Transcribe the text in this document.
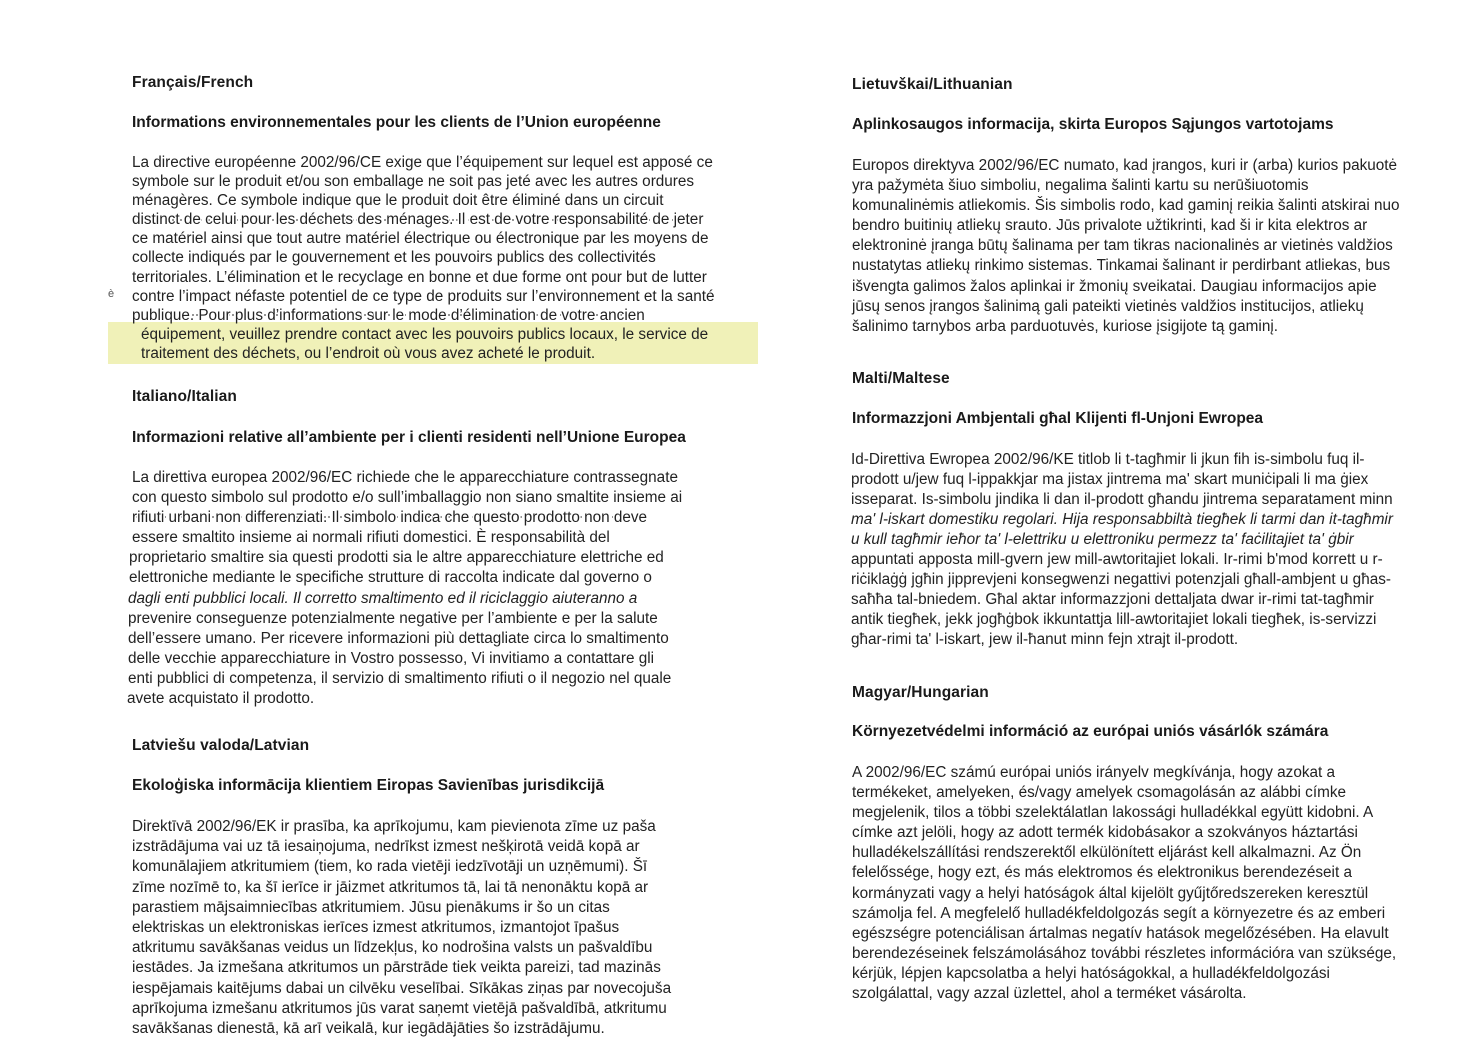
Français/French

Informations environnementales pour les clients de l’Union européenne

La directive européenne 2002/96/CE exige que l’équipement sur lequel est apposé ce
symbole sur le produit et/ou son emballage ne soit pas jeté avec les autres ordures
ménagères. Ce symbole indique que le produit doit être éliminé dans un circuit
distinct de celui pour les déchets des ménages. Il est de votre responsabilité de jeter
ce matériel ainsi que tout autre matériel électrique ou électronique par les moyens de
collecte indiqués par le gouvernement et les pouvoirs publics des collectivités
territoriales. L’élimination et le recyclage en bonne et due forme ont pour but de lutter
contre l’impact néfaste potentiel de ce type de produits sur l’environnement et la santé
publique. Pour plus d’informations sur le mode d’élimination de votre ancien
équipement, veuillez prendre contact avec les pouvoirs publics locaux, le service de
traitement des déchets, ou l’endroit où vous avez acheté le produit.
è

Italiano/Italian

Informazioni relative all’ambiente per i clienti residenti nell’Unione Europea

La direttiva europea 2002/96/EC richiede che le apparecchiature contrassegnate
con questo simbolo sul prodotto e/o sull’imballaggio non siano smaltite insieme ai
rifiuti urbani non differenziati. Il simbolo indica che questo prodotto non deve
essere smaltito insieme ai normali rifiuti domestici. È responsabilità del
proprietario smaltire sia questi prodotti sia le altre apparecchiature elettriche ed
elettroniche mediante le specifiche strutture di raccolta indicate dal governo o
dagli enti pubblici locali. Il corretto smaltimento ed il riciclaggio aiuteranno a
prevenire conseguenze potenzialmente negative per l’ambiente e per la salute
dell’essere umano. Per ricevere informazioni più dettagliate circa lo smaltimento
delle vecchie apparecchiature in Vostro possesso, Vi invitiamo a contattare gli
enti pubblici di competenza, il servizio di smaltimento rifiuti o il negozio nel quale
avete acquistato il prodotto.

Latviešu valoda/Latvian

Ekoloģiska informācija klientiem Eiropas Savienības jurisdikcijā

Direktīvā 2002/96/EK ir prasība, ka aprīkojumu, kam pievienota zīme uz paša
izstrādājuma vai uz tā iesaiņojuma, nedrīkst izmest nešķirotā veidā kopā ar
komunālajiem atkritumiem (tiem, ko rada vietēji iedzīvotāji un uzņēmumi). Šī
zīme nozīmē to, ka šī ierīce ir jāizmet atkritumos tā, lai tā nenonāktu kopā ar
parastiem mājsaimniecības atkritumiem. Jūsu pienākums ir šo un citas
elektriskas un elektroniskas ierīces izmest atkritumos, izmantojot īpašus
atkritumu savākšanas veidus un līdzekļus, ko nodrošina valsts un pašvaldību
iestādes. Ja izmešana atkritumos un pārstrāde tiek veikta pareizi, tad mazinās
iespējamais kaitējums dabai un cilvēku veselībai. Sīkākas ziņas par novecojuša
aprīkojuma izmešanu atkritumos jūs varat saņemt vietējā pašvaldībā, atkritumu
savākšanas dienestā, kā arī veikalā, kur iegādājāties šo izstrādājumu.

Lietuvškai/Lithuanian

Aplinkosaugos informacija, skirta Europos Sąjungos vartotojams

Europos direktyva 2002/96/EC numato, kad įrangos, kuri ir (arba) kurios pakuotė
yra pažymėta šiuo simboliu, negalima šalinti kartu su nerūšiuotomis
komunalinėmis atliekomis. Šis simbolis rodo, kad gaminį reikia šalinti atskirai nuo
bendro buitinių atliekų srauto. Jūs privalote užtikrinti, kad ši ir kita elektros ar
elektroninė įranga būtų šalinama per tam tikras nacionalinės ar vietinės valdžios
nustatytas atliekų rinkimo sistemas. Tinkamai šalinant ir perdirbant atliekas, bus
išvengta galimos žalos aplinkai ir žmonių sveikatai. Daugiau informacijos apie
jūsų senos įrangos šalinimą gali pateikti vietinės valdžios institucijos, atliekų
šalinimo tarnybos arba parduotuvės, kuriose įsigijote tą gaminį.

Malti/Maltese

Informazzjoni Ambjentali għal Klijenti fl-Unjoni Ewropea

Id-Direttiva Ewropea 2002/96/KE titlob li t-tagħmir li jkun fih is-simbolu fuq il-
prodott u/jew fuq l-ippakkjar ma jistax jintrema ma' skart muniċipali li ma ġiex
isseparat. Is-simbolu jindika li dan il-prodott għandu jintrema separatament minn
ma' l-iskart domestiku regolari. Hija responsabbiltà tiegħek li tarmi dan it-tagħmir
u kull tagħmir ieħor ta' l-elettriku u elettroniku permezz ta' faċilitajiet ta' ġbir
appuntati apposta mill-gvern jew mill-awtoritajiet lokali. Ir-rimi b'mod korrett u r-
riċiklaġġ jgħin jipprevjeni konsegwenzi negattivi potenzjali għall-ambjent u għas-
saħħa tal-bniedem. Għal aktar informazzjoni dettaljata dwar ir-rimi tat-tagħmir
antik tiegħek, jekk jogħġbok ikkuntattja lill-awtoritajiet lokali tiegħek, is-servizzi
għar-rimi ta' l-iskart, jew il-ħanut minn fejn xtrajt il-prodott.

Magyar/Hungarian

Környezetvédelmi információ az európai uniós vásárlók számára

A 2002/96/EC számú európai uniós irányelv megkívánja, hogy azokat a
termékeket, amelyeken, és/vagy amelyek csomagolásán az alábbi címke
megjelenik, tilos a többi szelektálatlan lakossági hulladékkal együtt kidobni. A
címke azt jelöli, hogy az adott termék kidobásakor a szokványos háztartási
hulladékelszállítási rendszerektől elkülönített eljárást kell alkalmazni. Az Ön
felelőssége, hogy ezt, és más elektromos és elektronikus berendezéseit a
kormányzati vagy a helyi hatóságok által kijelölt gyűjtőredszereken keresztül
számolja fel. A megfelelő hulladékfeldolgozás segít a környezetre és az emberi
egészségre potenciálisan ártalmas negatív hatások megelőzésében. Ha elavult
berendezéseinek felszámolásához további részletes információra van szüksége,
kérjük, lépjen kapcsolatba a helyi hatóságokkal, a hulladékfeldolgozási
szolgálattal, vagy azzal üzlettel, ahol a terméket vásárolta.
